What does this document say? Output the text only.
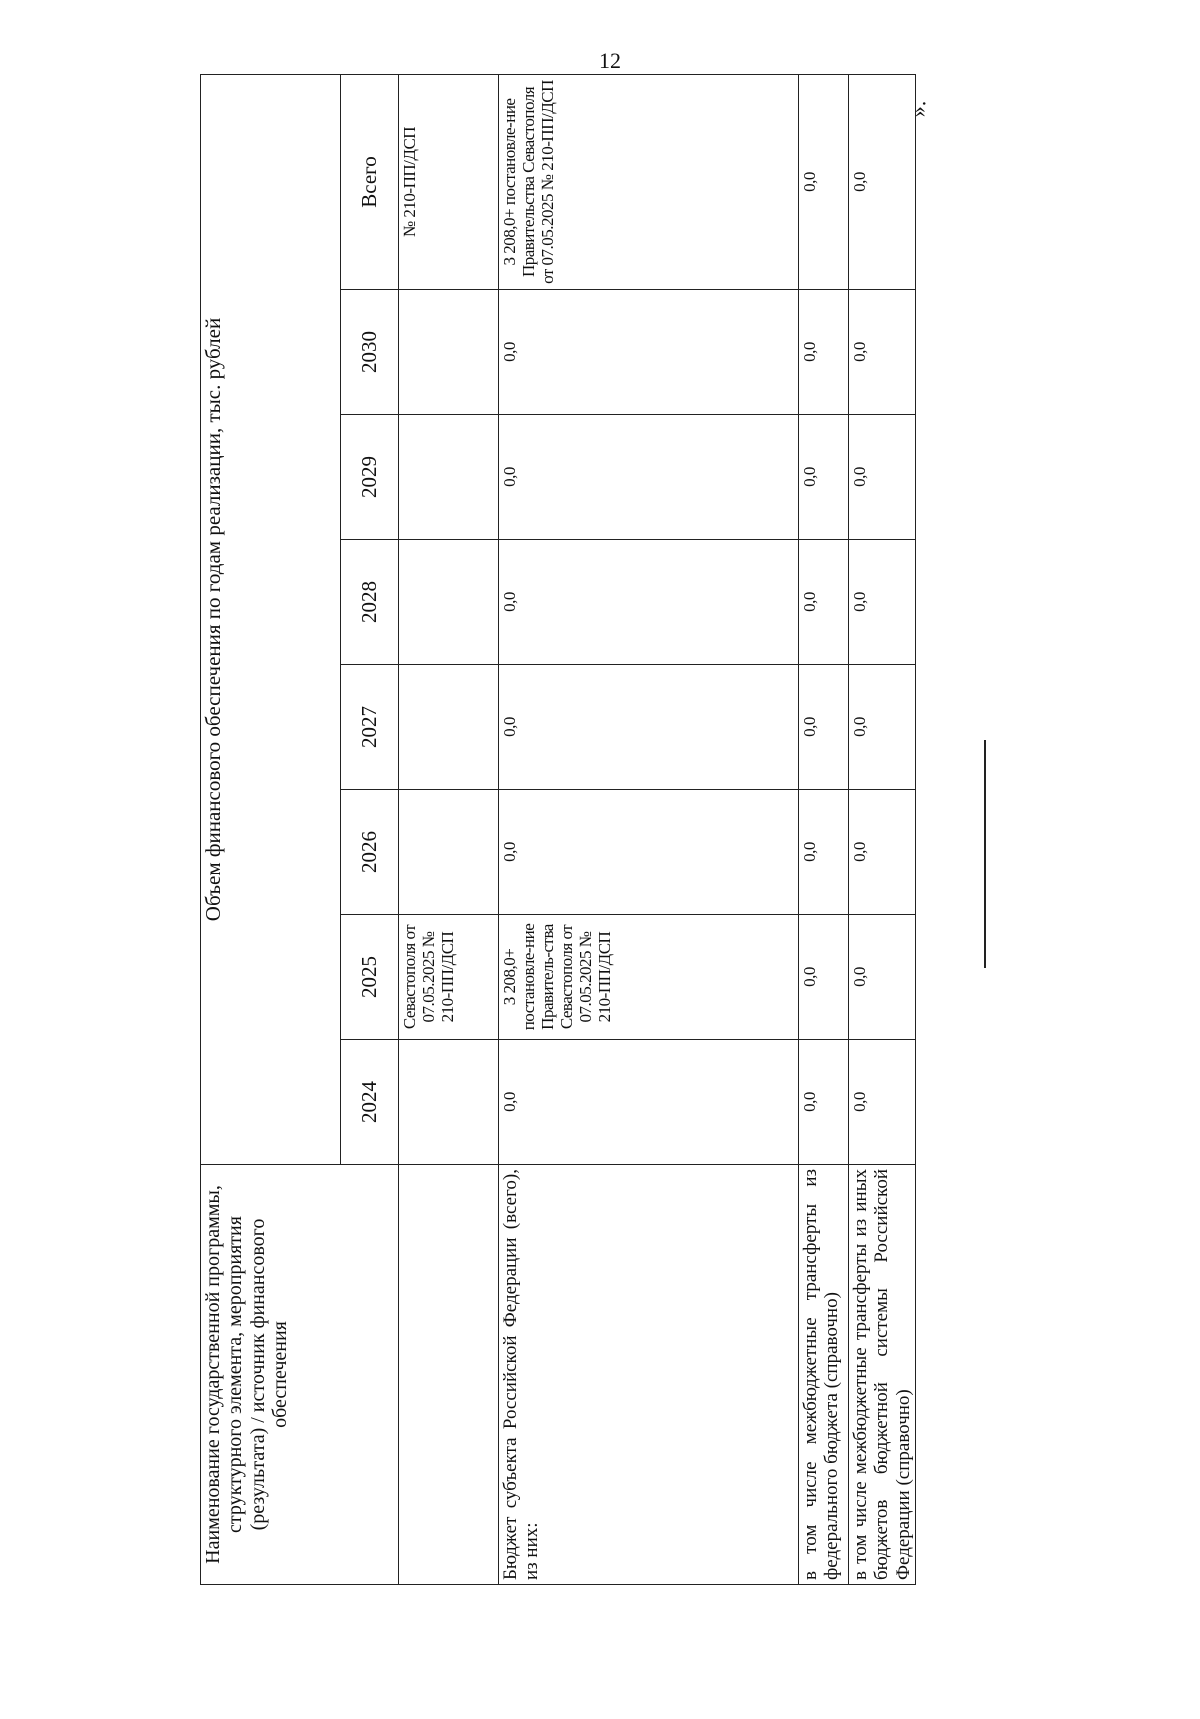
12
».
Наименование государственной программы, структурного элемента, мероприятия (результата) / источник финансового обеспечения	Объем финансового обеспечения по годам реализации, тыс. рублей							
	2024	2025	2026	2027	2028	2029	2030	Всего
		Севастополя от 07.05.2025 № 210-ПП/ДСП						№ 210-ПП/ДСП
Бюджет субъекта Российской Федерации (всего), из них:	0,0	3 208,0+ постановле-ние Правитель-ства Севастополя от 07.05.2025 № 210-ПП/ДСП	0,0	0,0	0,0	0,0	0,0	3 208,0+ постановле-ние Правительства Севастополя от 07.05.2025 № 210-ПП/ДСП
в том числе межбюджетные трансферты из федерального бюджета (справочно)	0,0	0,0	0,0	0,0	0,0	0,0	0,0	0,0
в том числе межбюджетные трансферты из иных бюджетов бюджетной системы Российской Федерации (справочно)	0,0	0,0	0,0	0,0	0,0	0,0	0,0	0,0
